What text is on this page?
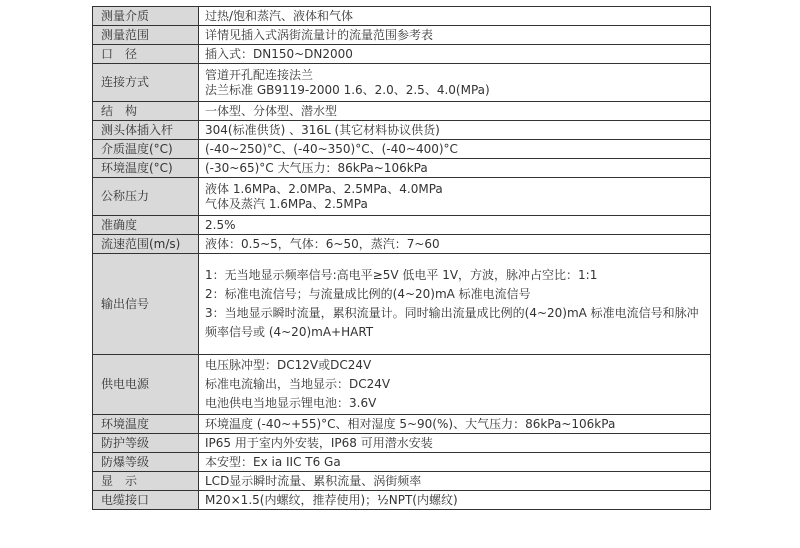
测量介质	过热/饱和蒸汽、液体和气体

测量范围	详情见插入式涡街流量计的流量范围参考表

口　径	插入式：DN150~DN2000

连接方式	管道开孔配连接法兰
法兰标准 GB9119-2000 1.6、2.0、2.5、4.0(MPa)

结　构	一体型、分体型、潜水型

测头体插入杆	304(标准供货) 、316L (其它材料协议供货)

介质温度(°C)	(-40~250)°C、(-40~350)°C、(-40~400)°C

环境温度(°C)	(-30~65)°C 大气压力：86kPa~106kPa

公称压力	液体 1.6MPa、2.0MPa、2.5MPa、4.0MPa
气体及蒸汽 1.6MPa、2.5MPa

准确度	2.5%

流速范围(m/s)	液体：0.5~5，气体：6~50，蒸汽：7~60

输出信号	1：无当地显示频率信号:高电平≥5V 低电平 1V，方波，脉冲占空比：1:1
2：标准电流信号；与流量成比例的(4~20)mA 标准电流信号
3：当地显示瞬时流量，累积流量计。同时输出流量成比例的(4~20)mA 标准电流信号和脉冲频率信号或 (4~20)mA+HART

供电电源	电压脉冲型：DC12V或DC24V
标准电流输出，当地显示：DC24V
电池供电当地显示锂电池：3.6V

环境温度	环境温度 (-40~+55)°C、相对湿度 5~90(%)、大气压力：86kPa~106kPa

防护等级	IP65 用于室内外安装，IP68 可用潜水安装

防爆等级	本安型：Ex ia IIC T6 Ga

显　示	LCD显示瞬时流量、累积流量、涡街频率

电缆接口	M20×1.5(内螺纹，推荐使用)；½NPT(内螺纹)
